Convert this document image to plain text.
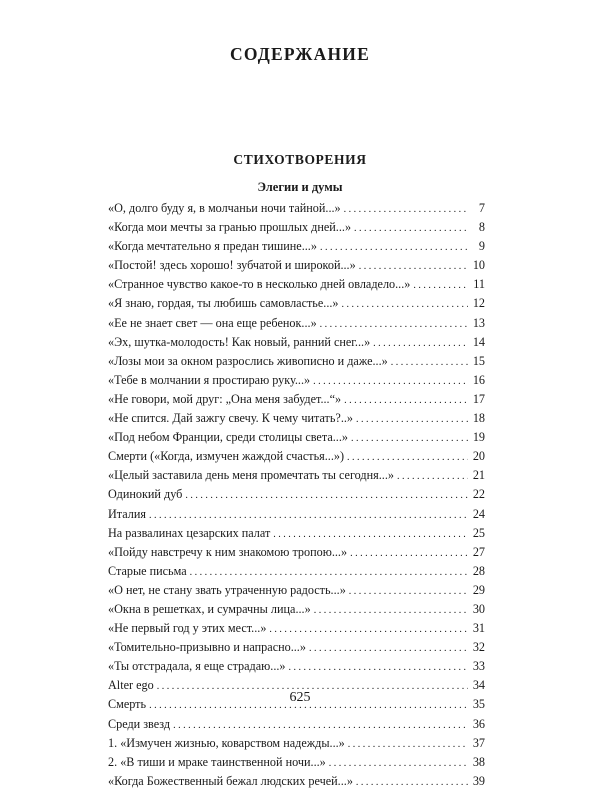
СОДЕРЖАНИЕ
СТИХОТВОРЕНИЯ
Элегии и думы
«О, долго буду я, в молчаньи ночи тайной...» . . .	7
«Когда мои мечты за гранью прошлых дней...» . . .	8
«Когда мечтательно я предан тишине...» . . .	9
«Постой! здесь хорошо! зубчатой и широкой...» . . .	10
«Странное чувство какое-то в несколько дней овладело...» . . .	11
«Я знаю, гордая, ты любишь самовластье...» . . .	12
«Ее не знает свет — она еще ребенок...» . . .	13
«Эх, шутка-молодость! Как новый, ранний снег...» . . .	14
«Лозы мои за окном разрослись живописно и даже...» . . .	15
«Тебе в молчании я простираю руку...» . . .	16
«Не говори, мой друг: „Она меня забудет...“» . . .	17
«Не спится. Дай зажгу свечу. К чему читать?..» . . .	18
«Под небом Франции, среди столицы света...» . . .	19
Смерти («Когда, измучен жаждой счастья...») . . .	20
«Целый заставила день меня промечтать ты сегодня...» . . .	21
Одинокий дуб . . .	22
Италия . . .	24
На развалинах цезарских палат . . .	25
«Пойду навстречу к ним знакомою тропою...» . . .	27
Старые письма . . .	28
«О нет, не стану звать утраченную радость...» . . .	29
«Окна в решетках, и сумрачны лица...» . . .	30
«Не первый год у этих мест...» . . .	31
«Томительно-призывно и напрасно...» . . .	32
«Ты отстрадала, я еще страдаю...» . . .	33
Alter ego . . .	34
Смерть . . .	35
Среди звезд . . .	36
1. «Измучен жизнью, коварством надежды...» . . .	37
2. «В тиши и мраке таинственной ночи...» . . .	38
«Когда Божественный бежал людских речей...» . . .	39
625
